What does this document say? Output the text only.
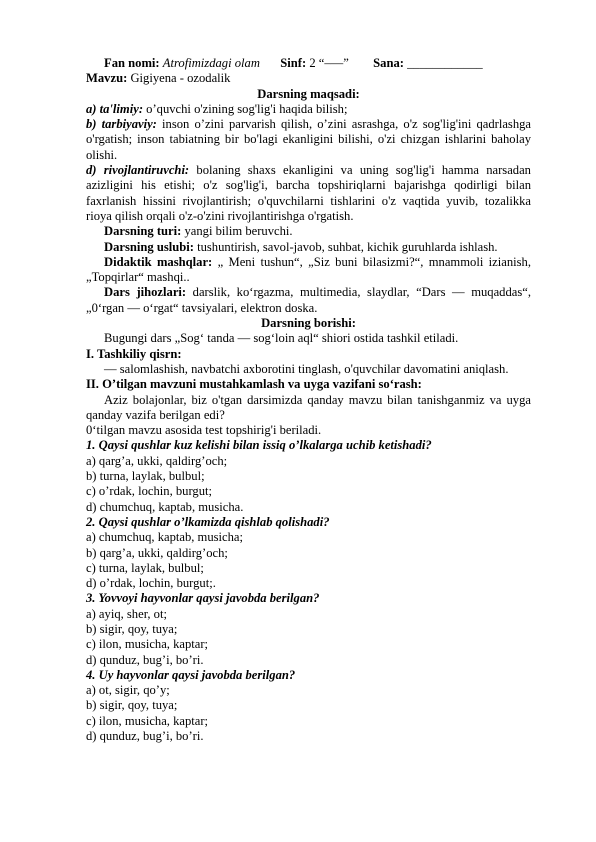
Fan nomi: Atrofimizdagi olam Sinf: 2 “–—” Sana: ____________

Mavzu: Gigiyena - ozodalik

Darsning maqsadi:

a) ta'limiy: o’quvchi o'zining sog'lig'i haqida bilish;

b) tarbiyaviy: inson o’zini parvarish qilish, o’zini asrashga, o'z sog'lig'ini qadrlashga o'rgatish; inson tabiatning bir bo'lagi ekanligini bilishi, o'zi chizgan ishlarini baholay olishi.

d) rivojlantiruvchi: bolaning shaxs ekanligini va uning sog'lig'i hamma narsadan azizligini his etishi; o'z sog'lig'i, barcha topshiriqlarni bajarishga qodirligi bilan faxrlanish hissini rivojlantirish; o'quvchilarni tishlarini o'z vaqtida yuvib, tozalikka rioya qilish orqali o'z-o'zini rivojlantirishga o'rgatish.

Darsning turi: yangi bilim beruvchi.

Darsning uslubi: tushuntirish, savol-javob, suhbat, kichik guruhlarda ishlash.

Didaktik mashqlar: „ Meni tushun“, „Siz buni bilasizmi?“, mnammoli izianish, „Topqirlar“ mashqi..

Dars jihozlari: darslik, ko‘rgazma, multimedia, slaydlar, “Dars — muqaddas“, „0‘rgan — o‘rgat“ tavsiyalari, elektron doska.

Darsning borishi:

Bugungi dars „Sog‘ tanda — sog‘loin aql“ shiori ostida tashkil etiladi.

I. Tashkiliy qisrn:

— salomlashish, navbatchi axborotini tinglash, o'quvchilar davomatini aniqlash.

II. O’tilgan mavzuni mustahkamlash va uyga vazifani so‘rash:

Aziz bolajonlar, biz o'tgan darsimizda qanday mavzu bilan tanishganmiz va uyga qanday vazifa berilgan edi?

0‘tilgan mavzu asosida test topshirig'i beriladi.

1. Qaysi qushlar kuz kelishi bilan issiq o’lkalarga uchib ketishadi?

a) qarg’a, ukki, qaldirg’och;

b) turna, laylak, bulbul;

c) o’rdak, lochin, burgut;

d) chumchuq, kaptab, musicha.

2. Qaysi qushlar o’lkamizda qishlab qolishadi?

a) chumchuq, kaptab, musicha;

b) qarg’a, ukki, qaldirg’och;

c) turna, laylak, bulbul;

d) o’rdak, lochin, burgut;.

3. Yovvoyi hayvonlar qaysi javobda berilgan?

a) ayiq, sher, ot;

b) sigir, qoy, tuya;

c) ilon, musicha, kaptar;

d) qunduz, bug’i, bo’ri.

4. Uy hayvonlar qaysi javobda berilgan?

a) ot, sigir, qo’y;

b) sigir, qoy, tuya;

c) ilon, musicha, kaptar;

d) qunduz, bug’i, bo’ri.
